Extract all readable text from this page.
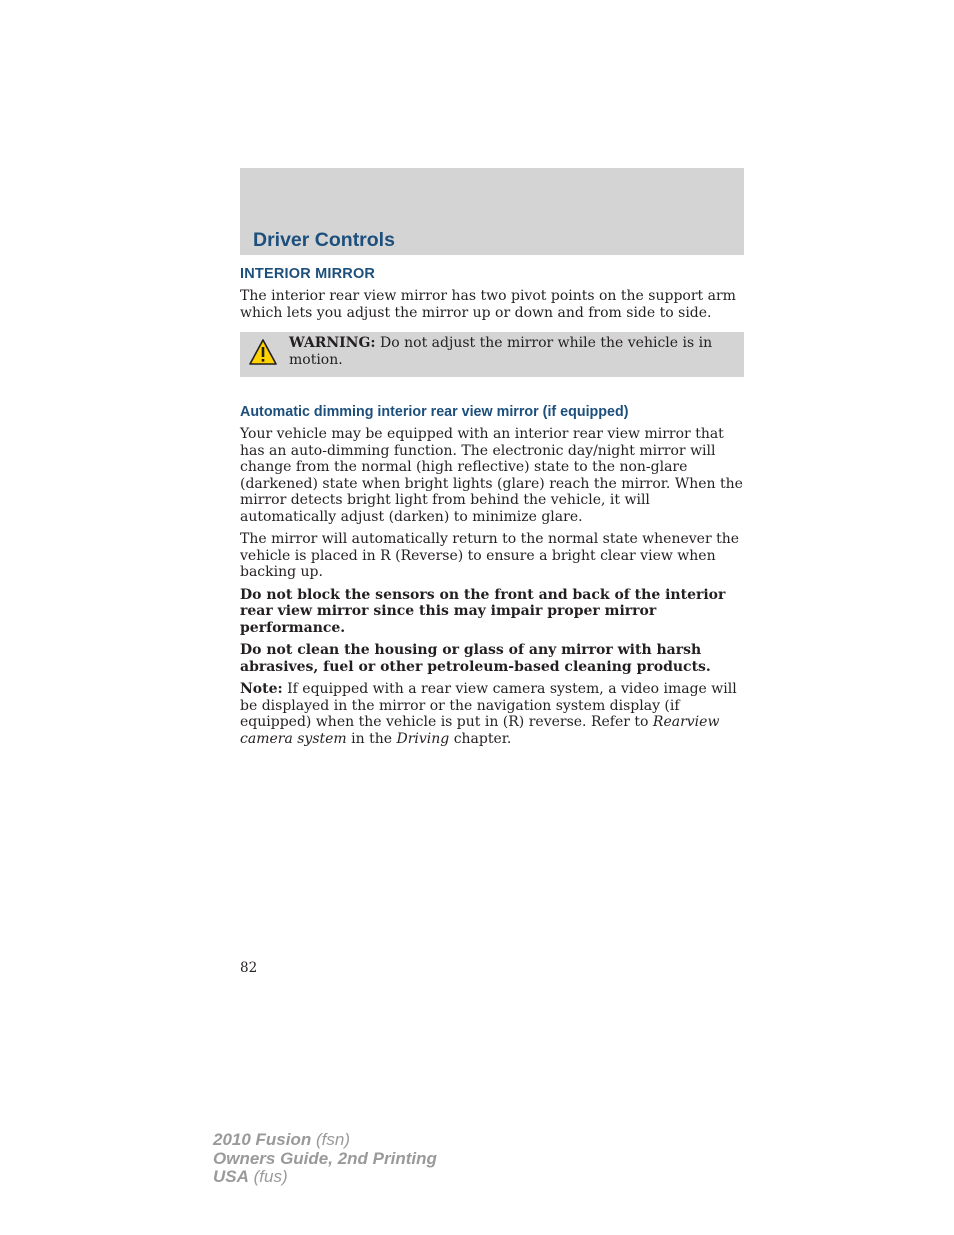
Driver Controls
INTERIOR MIRROR

The interior rear view mirror has two pivot points on the support arm which lets you adjust the mirror up or down and from side to side.

WARNING: Do not adjust the mirror while the vehicle is in motion.

Automatic dimming interior rear view mirror (if equipped)

Your vehicle may be equipped with an interior rear view mirror that has an auto-dimming function. The electronic day/night mirror will change from the normal (high reflective) state to the non-glare (darkened) state when bright lights (glare) reach the mirror. When the mirror detects bright light from behind the vehicle, it will automatically adjust (darken) to minimize glare.

The mirror will automatically return to the normal state whenever the vehicle is placed in R (Reverse) to ensure a bright clear view when backing up.

Do not block the sensors on the front and back of the interior rear view mirror since this may impair proper mirror performance.

Do not clean the housing or glass of any mirror with harsh abrasives, fuel or other petroleum-based cleaning products.

Note: If equipped with a rear view camera system, a video image will be displayed in the mirror or the navigation system display (if equipped) when the vehicle is put in (R) reverse. Refer to Rearview camera system in the Driving chapter.

82
2010 Fusion (fsn)
Owners Guide, 2nd Printing
USA (fus)
